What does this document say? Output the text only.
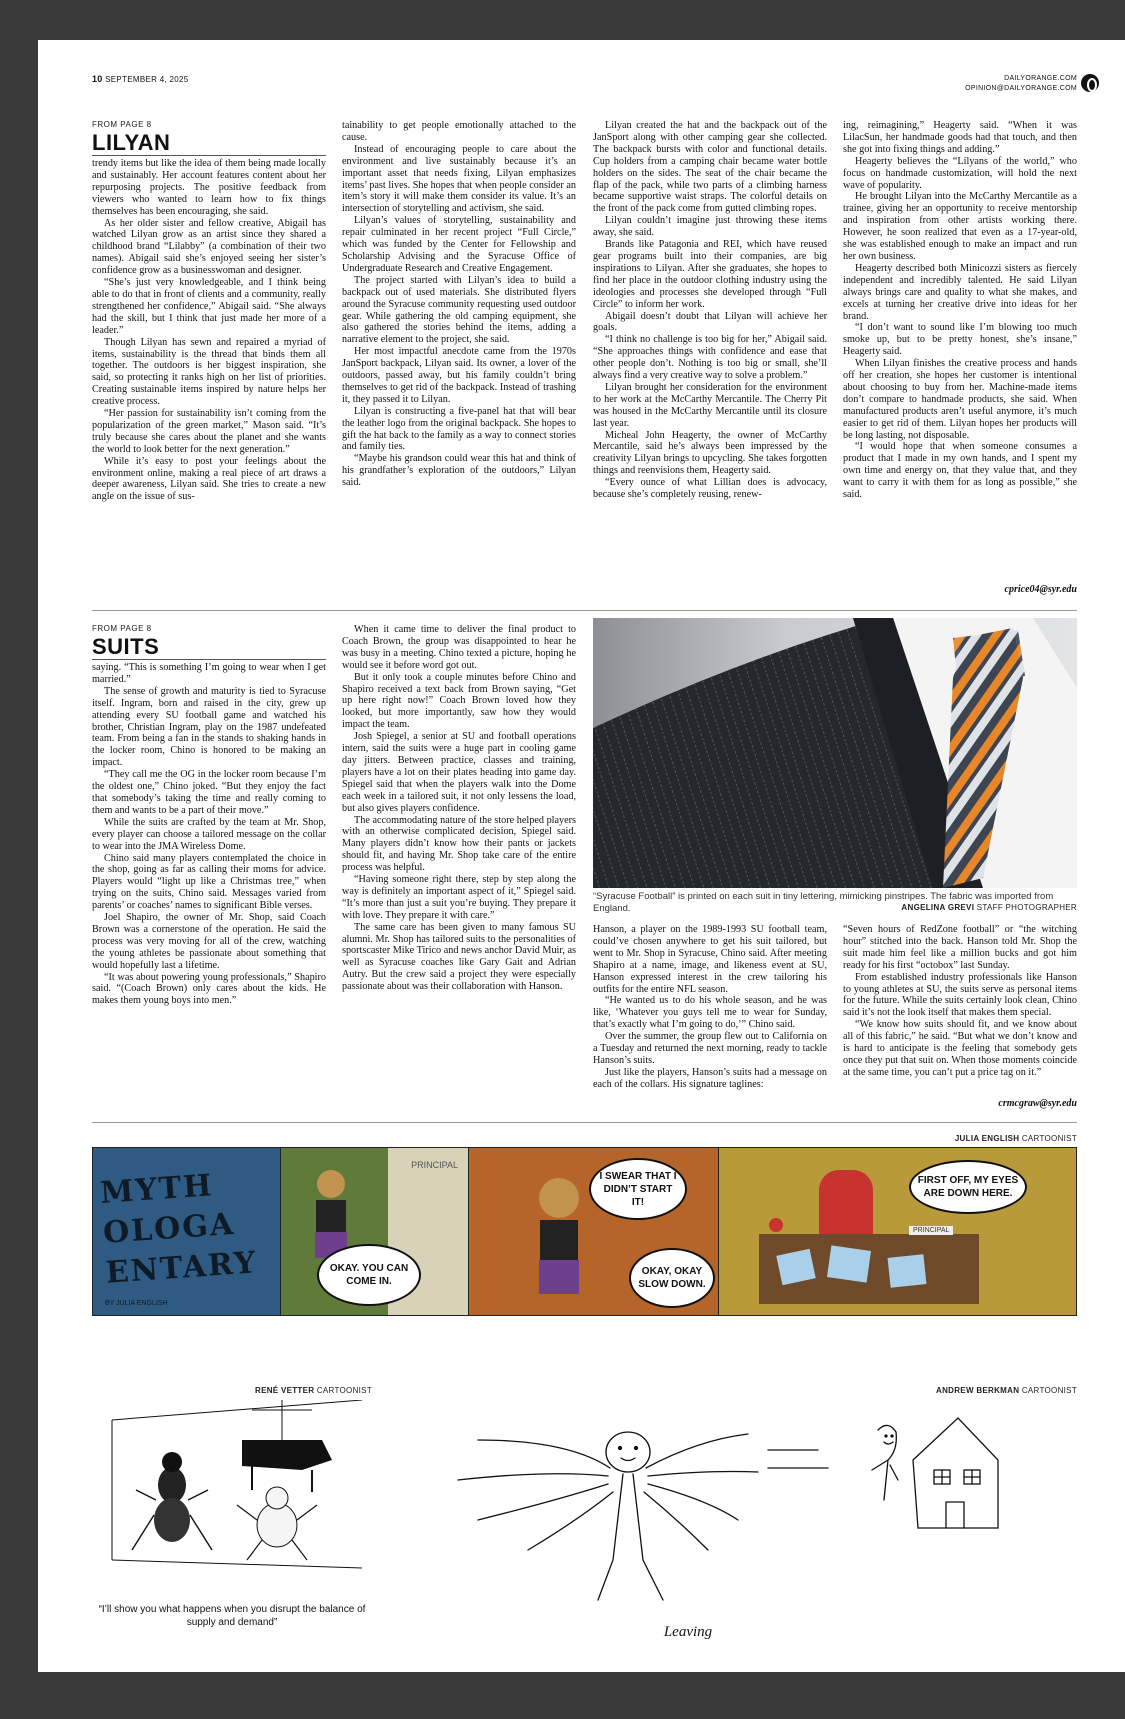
10 SEPTEMBER 4, 2025	DAILYORANGE.COM
OPINION@DAILYORANGE.COM
FROM PAGE 8
LILYAN

trendy items but like the idea of them being made locally and sustainably. Her account features content about her repurposing projects. The positive feedback from viewers who wanted to learn how to fix things themselves has been encouraging, she said.

As her older sister and fellow creative, Abigail has watched Lilyan grow as an artist since they shared a childhood brand “Lilabby” (a combination of their two names). Abigail said she’s enjoyed seeing her sister’s confidence grow as a businesswoman and designer.

“She’s just very knowledgeable, and I think being able to do that in front of clients and a community, really strengthened her confidence,” Abigail said. “She always had the skill, but I think that just made her more of a leader.”

Though Lilyan has sewn and repaired a myriad of items, sustainability is the thread that binds them all together. The outdoors is her biggest inspiration, she said, so protecting it ranks high on her list of priorities. Creating sustainable items inspired by nature helps her creative process.

“Her passion for sustainability isn’t coming from the popularization of the green market,” Mason said. “It’s truly because she cares about the planet and she wants the world to look better for the next generation.”

While it’s easy to post your feelings about the environment online, making a real piece of art draws a deeper awareness, Lilyan said. She tries to create a new angle on the issue of sus-

tainability to get people emotionally attached to the cause.

Instead of encouraging people to care about the environment and live sustainably because it’s an important asset that needs fixing, Lilyan emphasizes items’ past lives. She hopes that when people consider an item’s story it will make them consider its value. It’s an intersection of storytelling and activism, she said.

Lilyan’s values of storytelling, sustainability and repair culminated in her recent project “Full Circle,” which was funded by the Center for Fellowship and Scholarship Advising and the Syracuse Office of Undergraduate Research and Creative Engagement.

The project started with Lilyan’s idea to build a backpack out of used materials. She distributed flyers around the Syracuse community requesting used outdoor gear. While gathering the old camping equipment, she also gathered the stories behind the items, adding a narrative element to the project, she said.

Her most impactful anecdote came from the 1970s JanSport backpack, Lilyan said. Its owner, a lover of the outdoors, passed away, but his family couldn’t bring themselves to get rid of the backpack. Instead of trashing it, they passed it to Lilyan.

Lilyan is constructing a five-panel hat that will bear the leather logo from the original backpack. She hopes to gift the hat back to the family as a way to connect stories and family ties.

“Maybe his grandson could wear this hat and think of his grandfather’s exploration of the outdoors,” Lilyan said.

Lilyan created the hat and the backpack out of the JanSport along with other camping gear she collected. The backpack bursts with color and functional details. Cup holders from a camping chair became water bottle holders on the sides. The seat of the chair became the flap of the pack, while two parts of a climbing harness became supportive waist straps. The colorful details on the front of the pack come from gutted climbing ropes.

Lilyan couldn’t imagine just throwing these items away, she said.

Brands like Patagonia and REI, which have reused gear programs built into their companies, are big inspirations to Lilyan. After she graduates, she hopes to find her place in the outdoor clothing industry using the ideologies and processes she developed through “Full Circle” to inform her work.

Abigail doesn’t doubt that Lilyan will achieve her goals.

“I think no challenge is too big for her,” Abigail said. “She approaches things with confidence and ease that other people don’t. Nothing is too big or small, she’ll always find a very creative way to solve a problem.”

Lilyan brought her consideration for the environment to her work at the McCarthy Mercantile. The Cherry Pit was housed in the McCarthy Mercantile until its closure last year.

Micheal John Heagerty, the owner of McCarthy Mercantile, said he’s always been impressed by the creativity Lilyan brings to upcycling. She takes forgotten things and reenvisions them, Heagerty said.

“Every ounce of what Lillian does is advocacy, because she’s completely reusing, renew-

ing, reimagining,” Heagerty said. “When it was LilacSun, her handmade goods had that touch, and then she got into fixing things and adding.”

Heagerty believes the “Lilyans of the world,” who focus on handmade customization, will hold the next wave of popularity.

He brought Lilyan into the McCarthy Mercantile as a trainee, giving her an opportunity to receive mentorship and inspiration from other artists working there. However, he soon realized that even as a 17-year-old, she was established enough to make an impact and run her own business.

Heagerty described both Minicozzi sisters as fiercely independent and incredibly talented. He said Lilyan always brings care and quality to what she makes, and excels at turning her creative drive into ideas for her brand.

“I don’t want to sound like I’m blowing too much smoke up, but to be pretty honest, she’s insane,” Heagerty said.

When Lilyan finishes the creative process and hands off her creation, she hopes her customer is intentional about choosing to buy from her. Machine-made items don’t compare to handmade products, she said. When manufactured products aren’t useful anymore, it’s much easier to get rid of them. Lilyan hopes her products will be long lasting, not disposable.

“I would hope that when someone consumes a product that I made in my own hands, and I spent my own time and energy on, that they value that, and they want to carry it with them for as long as possible,” she said.

cprice04@syr.edu
FROM PAGE 8
SUITS

saying. “This is something I’m going to wear when I get married.”

The sense of growth and maturity is tied to Syracuse itself. Ingram, born and raised in the city, grew up attending every SU football game and watched his brother, Christian Ingram, play on the 1987 undefeated team. From being a fan in the stands to shaking hands in the locker room, Chino is honored to be making an impact.

“They call me the OG in the locker room because I’m the oldest one,” Chino joked. “But they enjoy the fact that somebody’s taking the time and really coming to them and wants to be a part of their move.”

While the suits are crafted by the team at Mr. Shop, every player can choose a tailored message on the collar to wear into the JMA Wireless Dome.

Chino said many players contemplated the choice in the shop, going as far as calling their moms for advice. Players would “light up like a Christmas tree,” when trying on the suits, Chino said. Messages varied from parents’ or coaches’ names to significant Bible verses.

Joel Shapiro, the owner of Mr. Shop, said Coach Brown was a cornerstone of the operation. He said the process was very moving for all of the crew, watching the young athletes be passionate about something that would hopefully last a lifetime.

“It was about powering young professionals,” Shapiro said. “(Coach Brown) only cares about the kids. He makes them young boys into men.”

When it came time to deliver the final product to Coach Brown, the group was disappointed to hear he was busy in a meeting. Chino texted a picture, hoping he would see it before word got out.

But it only took a couple minutes before Chino and Shapiro received a text back from Brown saying, “Get up here right now!” Coach Brown loved how they looked, but more importantly, saw how they would impact the team.

Josh Spiegel, a senior at SU and football operations intern, said the suits were a huge part in cooling game day jitters. Between practice, classes and training, players have a lot on their plates heading into game day. Spiegel said that when the players walk into the Dome each week in a tailored suit, it not only lessens the load, but also gives players confidence.

The accommodating nature of the store helped players with an otherwise complicated decision, Spiegel said. Many players didn’t know how their pants or jackets should fit, and having Mr. Shop take care of the entire process was helpful.

“Having someone right there, step by step along the way is definitely an important aspect of it,” Spiegel said. “It’s more than just a suit you’re buying. They prepare it with love. They prepare it with care.”

The same care has been given to many famous SU alumni. Mr. Shop has tailored suits to the personalities of sportscaster Mike Tirico and news anchor David Muir, as well as Syracuse coaches like Gary Gait and Adrian Autry. But the crew said a project they were especially passionate about was their collaboration with Hanson.

“Syracuse Football” is printed on each suit in tiny lettering, mimicking pinstripes. The fabric was imported from England.	ANGELINA GREVI STAFF PHOTOGRAPHER

Hanson, a player on the 1989-1993 SU football team, could’ve chosen anywhere to get his suit tailored, but went to Mr. Shop in Syracuse, Chino said. After meeting Shapiro at a name, image, and likeness event at SU, Hanson expressed interest in the crew tailoring his outfits for the entire NFL season.

“He wanted us to do his whole season, and he was like, ‘Whatever you guys tell me to wear for Sunday, that’s exactly what I’m going to do,’” Chino said.

Over the summer, the group flew out to California on a Tuesday and returned the next morning, ready to tackle Hanson’s suits.

Just like the players, Hanson’s suits had a message on each of the collars. His signature taglines:

“Seven hours of RedZone football” or “the witching hour” stitched into the back. Hanson told Mr. Shop the suit made him feel like a million bucks and got him ready for his first “octobox” last Sunday.

From established industry professionals like Hanson to young athletes at SU, the suits serve as personal items for the future. While the suits certainly look clean, Chino said it’s not the look itself that makes them special.

“We know how suits should fit, and we know about all of this fabric,” he said. “But what we don’t know and is hard to anticipate is the feeling that somebody gets once they put that suit on. When those moments coincide at the same time, you can’t put a price tag on it.”

crmcgraw@syr.edu
JULIA ENGLISH CARTOONIST
MYTH OLOGA ENTARY
BY JULIA ENGLISH
PRINCIPAL
OKAY. YOU CAN COME IN.
I SWEAR THAT I DIDN’T START IT!
OKAY, OKAY SLOW DOWN.
PRINCIPAL
FIRST OFF, MY EYES ARE DOWN HERE.
RENÉ VETTER CARTOONIST	ANDREW BERKMAN CARTOONIST
“I’ll show you what happens when you disrupt the balance of supply and demand”
Leaving
